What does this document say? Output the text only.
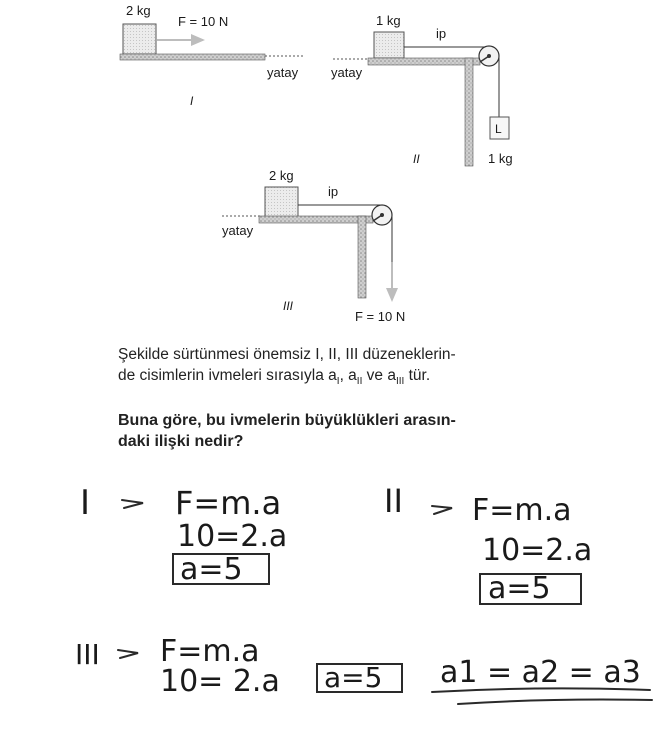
2 kg
F = 10 N
yatay
I
1 kg
ip
L
1 kg
yatay
II
2 kg
ip
F = 10 N
yatay
III

Şekilde sürtünmesi önemsiz I, II, III düzeneklerin-

de cisimlerin ivmeleri sırasıyla $a_I$, $a_{II}$ ve $a_{III}$ tür.

Buna göre, bu ivmelerin büyüklükleri arasın-

daki ilişki nedir?

I	F=m.a
10=2.a
a=5
II F=m.a
10=2.a
a=5
III F=m.a
10= 2.a a=5 a1 = a2 = a3
